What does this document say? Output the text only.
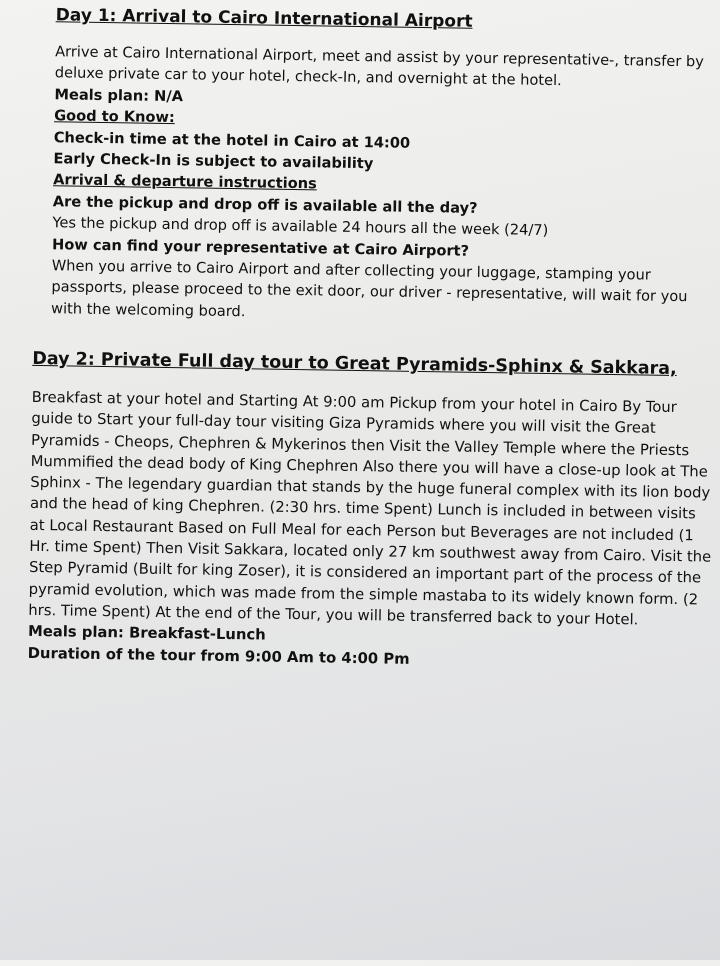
Day 1: Arrival to Cairo International Airport

Arrive at Cairo International Airport, meet and assist by your representative-, transfer by deluxe private car to your hotel, check-In, and overnight at the hotel.

Meals plan: N/A

Good to Know:

Check-in time at the hotel in Cairo at 14:00

Early Check-In is subject to availability

Arrival & departure instructions

Are the pickup and drop off is available all the day?

Yes the pickup and drop off is available 24 hours all the week (24/7)

How can find your representative at Cairo Airport?

When you arrive to Cairo Airport and after collecting your luggage, stamping your passports, please proceed to the exit door, our driver - representative, will wait for you with the welcoming board.

Day 2: Private Full day tour to Great Pyramids-Sphinx & Sakkara,

Breakfast at your hotel and Starting At 9:00 am Pickup from your hotel in Cairo By Tour guide to Start your full-day tour visiting Giza Pyramids where you will visit the Great Pyramids - Cheops, Chephren & Mykerinos then Visit the Valley Temple where the Priests Mummified the dead body of King Chephren Also there you will have a close-up look at The Sphinx - The legendary guardian that stands by the huge funeral complex with its lion body and the head of king Chephren. (2:30 hrs. time Spent) Lunch is included in between visits at Local Restaurant Based on Full Meal for each Person but Beverages are not included (1 Hr. time Spent) Then Visit Sakkara, located only 27 km southwest away from Cairo. Visit the Step Pyramid (Built for king Zoser), it is considered an important part of the process of the pyramid evolution, which was made from the simple mastaba to its widely known form. (2 hrs. Time Spent) At the end of the Tour, you will be transferred back to your Hotel.

Meals plan: Breakfast-Lunch

Duration of the tour from 9:00 Am to 4:00 Pm
